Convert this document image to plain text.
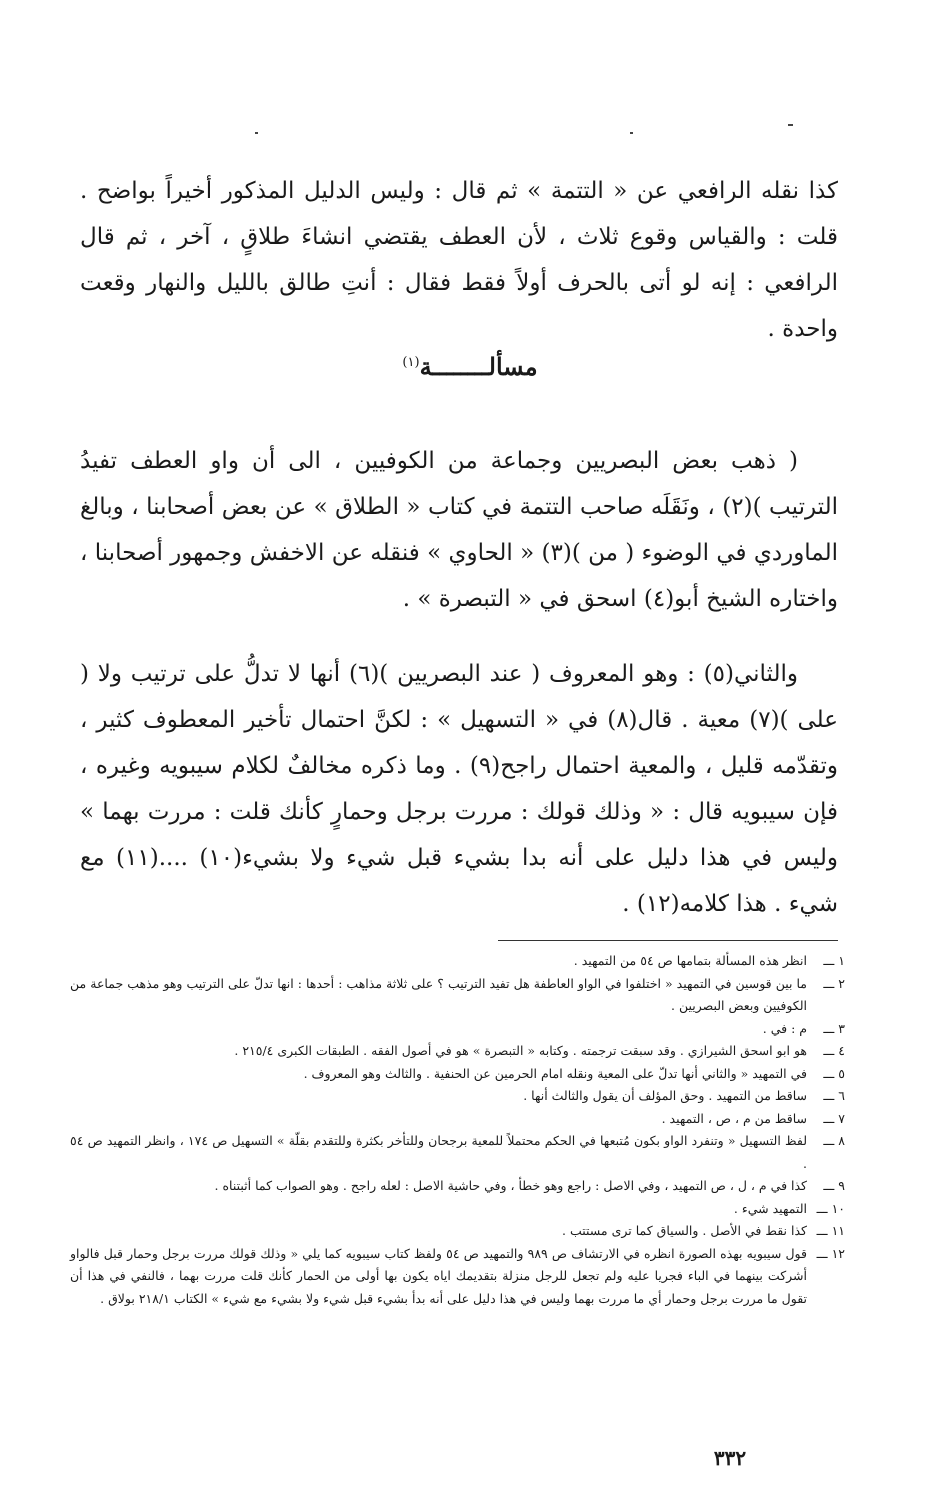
كذا نقله الرافعي عن « التتمة » ثم قال : وليس الدليل المذكور أخيراً بواضح . قلت : والقياس وقوع ثلاث ، لأن العطف يقتضي انشاءَ طلاقٍ ، آخر ، ثم قال الرافعي : إنه لو أتى بالحرف أولاً فقط فقال : أنتِ طالق بالليل والنهار وقعت واحدة .

مسألــــــــة$^{(١)}$

( ذهب بعض البصريين وجماعة من الكوفيين ، الى أن واو العطف تفيدُ الترتيب )(٢) ، ونَقَلَه صاحب التتمة في كتاب « الطلاق » عن بعض أصحابنا ، وبالغ الماوردي في الوضوء ( من )(٣) « الحاوي » فنقله عن الاخفش وجمهور أصحابنا ، واختاره الشيخ أبو(٤) اسحق في « التبصرة » .

والثاني(٥) : وهو المعروف ( عند البصريين )(٦) أنها لا تدلُّ على ترتيب ولا ( على )(٧) معية . قال(٨) في « التسهيل » : لكنَّ احتمال تأخير المعطوف كثير ، وتقدّمه قليل ، والمعية احتمال راجح(٩) . وما ذكره مخالفٌ لكلام سيبويه وغيره ، فإن سيبويه قال : « وذلك قولك : مررت برجل وحمارٍ كأنك قلت : مررت بهما » وليس في هذا دليل على أنه بدا بشيء قبل شيء ولا بشيء(١٠) ....(١١) مع شيء . هذا كلامه(١٢) .

١ ـــ
انظر هذه المسألة بتمامها ص ٥٤ من التمهيد .
٢ ـــ
ما بين قوسين في التمهيد « اختلفوا في الواو العاطفة هل تفيد الترتيب ؟ على ثلاثة مذاهب : أحدها : انها تدلّ على الترتيب وهو مذهب جماعة من الكوفيين وبعض البصريين .
٣ ـــ
م : في .
٤ ـــ
هو ابو اسحق الشيرازي . وقد سبقت ترجمته . وكتابه « التبصرة » هو في أصول الفقه . الطبقات الكبرى ٢١٥/٤ .
٥ ـــ
في التمهيد « والثاني أنها تدلّ على المعية ونقله امام الحرمين عن الحنفية . والثالث وهو المعروف .
٦ ـــ
ساقط من التمهيد . وحق المؤلف أن يقول والثالث أنها .
٧ ـــ
ساقط من م ، ص ، التمهيد .
٨ ـــ
لفظ التسهيل « وتنفرد الواو بكون مُتبعها في الحكم محتملاً للمعية برجحان وللتأخر بكثرة وللتقدم بقلّة » التسهيل ص ١٧٤ ، وانظر التمهيد ص ٥٤ .
٩ ـــ
كذا في م ، ل ، ص التمهيد ، وفي الاصل : راجع وهو خطأ ، وفي حاشية الاصل : لعله راجح . وهو الصواب كما أثبتناه .
١٠ ـــ
التمهيد شيء .
١١ ـــ
كذا نقط في الأصل . والسياق كما ترى مستتب .
١٢ ـــ
قول سيبويه بهذه الصورة انظره في الارتشاف ص ٩٨٩ والتمهيد ص ٥٤ ولفظ كتاب سيبويه كما يلي « وذلك قولك مررت برجل وحمار قبل فالواو أشركت بينهما في الباء فجريا عليه ولم تجعل للرجل منزلة بتقديمك اياه يكون بها أولى من الحمار كأنك قلت مررت بهما ، فالنفي في هذا أن تقول ما مررت برجل وحمار أي ما مررت بهما وليس في هذا دليل على أنه بدأ بشيء قبل شيء ولا بشيء مع شيء » الكتاب ٢١٨/١ بولاق .
٣٣٢
